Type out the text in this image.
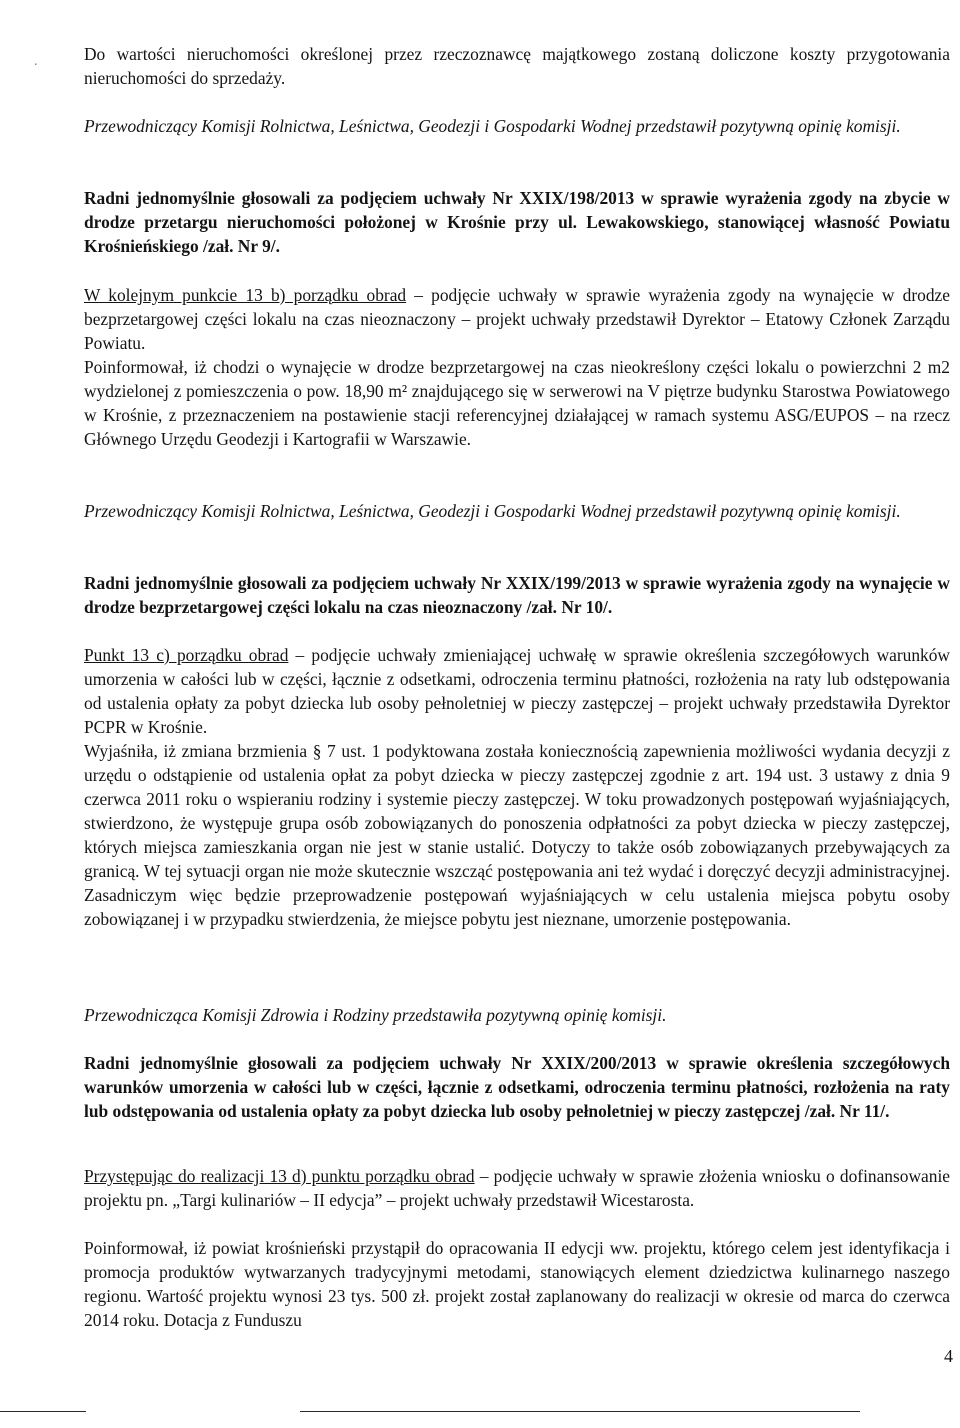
.	Do wartości nieruchomości określonej przez rzeczoznawcę majątkowego zostaną doliczone koszty przygotowania nieruchomości do sprzedaży.

Przewodniczący Komisji Rolnictwa, Leśnictwa, Geodezji i Gospodarki Wodnej przedstawił pozytywną opinię komisji.

Radni jednomyślnie głosowali za podjęciem uchwały Nr XXIX/198/2013 w sprawie wyrażenia zgody na zbycie w drodze przetargu nieruchomości położonej w Krośnie przy ul. Lewakowskiego, stanowiącej własność Powiatu Krośnieńskiego /zał. Nr 9/.

W kolejnym punkcie 13 b) porządku obrad – podjęcie uchwały w sprawie wyrażenia zgody na wynajęcie w drodze bezprzetargowej części lokalu na czas nieoznaczony – projekt uchwały przedstawił Dyrektor – Etatowy Członek Zarządu Powiatu.

Poinformował, iż chodzi o wynajęcie w drodze bezprzetargowej na czas nieokreślony części lokalu o powierzchni 2 m2 wydzielonej z pomieszczenia o pow. 18,90 m² znajdującego się w serwerowi na V piętrze budynku Starostwa Powiatowego w Krośnie, z przeznaczeniem na postawienie stacji referencyjnej działającej w ramach systemu ASG/EUPOS – na rzecz Głównego Urzędu Geodezji i Kartografii w Warszawie.

Przewodniczący Komisji Rolnictwa, Leśnictwa, Geodezji i Gospodarki Wodnej przedstawił pozytywną opinię komisji.

Radni jednomyślnie głosowali za podjęciem uchwały Nr XXIX/199/2013 w sprawie wyrażenia zgody na wynajęcie w drodze bezprzetargowej części lokalu na czas nieoznaczony /zał. Nr 10/.

Punkt 13 c) porządku obrad – podjęcie uchwały zmieniającej uchwałę w sprawie określenia szczegółowych warunków umorzenia w całości lub w części, łącznie z odsetkami, odroczenia terminu płatności, rozłożenia na raty lub odstępowania od ustalenia opłaty za pobyt dziecka lub osoby pełnoletniej w pieczy zastępczej – projekt uchwały przedstawiła Dyrektor PCPR w Krośnie.

Wyjaśniła, iż zmiana brzmienia § 7 ust. 1 podyktowana została koniecznością zapewnienia możliwości wydania decyzji z urzędu o odstąpienie od ustalenia opłat za pobyt dziecka w pieczy zastępczej zgodnie z art. 194 ust. 3 ustawy z dnia 9 czerwca 2011 roku o wspieraniu rodziny i systemie pieczy zastępczej. W toku prowadzonych postępowań wyjaśniających, stwierdzono, że występuje grupa osób zobowiązanych do ponoszenia odpłatności za pobyt dziecka w pieczy zastępczej, których miejsca zamieszkania organ nie jest w stanie ustalić. Dotyczy to także osób zobowiązanych przebywających za granicą. W tej sytuacji organ nie może skutecznie wszcząć postępowania ani też wydać i doręczyć decyzji administracyjnej. Zasadniczym więc będzie przeprowadzenie postępowań wyjaśniających w celu ustalenia miejsca pobytu osoby zobowiązanej i w przypadku stwierdzenia, że miejsce pobytu jest nieznane, umorzenie postępowania.

Przewodnicząca Komisji Zdrowia i Rodziny przedstawiła pozytywną opinię komisji.

Radni jednomyślnie głosowali za podjęciem uchwały Nr XXIX/200/2013 w sprawie określenia szczegółowych warunków umorzenia w całości lub w części, łącznie z odsetkami, odroczenia terminu płatności, rozłożenia na raty lub odstępowania od ustalenia opłaty za pobyt dziecka lub osoby pełnoletniej w pieczy zastępczej /zał. Nr 11/.

Przystępując do realizacji 13 d) punktu porządku obrad – podjęcie uchwały w sprawie złożenia wniosku o dofinansowanie projektu pn. „Targi kulinariów – II edycja” – projekt uchwały przedstawił Wicestarosta.

Poinformował, iż powiat krośnieński przystąpił do opracowania II edycji ww. projektu, którego celem jest identyfikacja i promocja produktów wytwarzanych tradycyjnymi metodami, stanowiących element dziedzictwa kulinarnego naszego regionu. Wartość projektu wynosi 23 tys. 500 zł. projekt został zaplanowany do realizacji w okresie od marca do czerwca 2014 roku. Dotacja z Funduszu

4
